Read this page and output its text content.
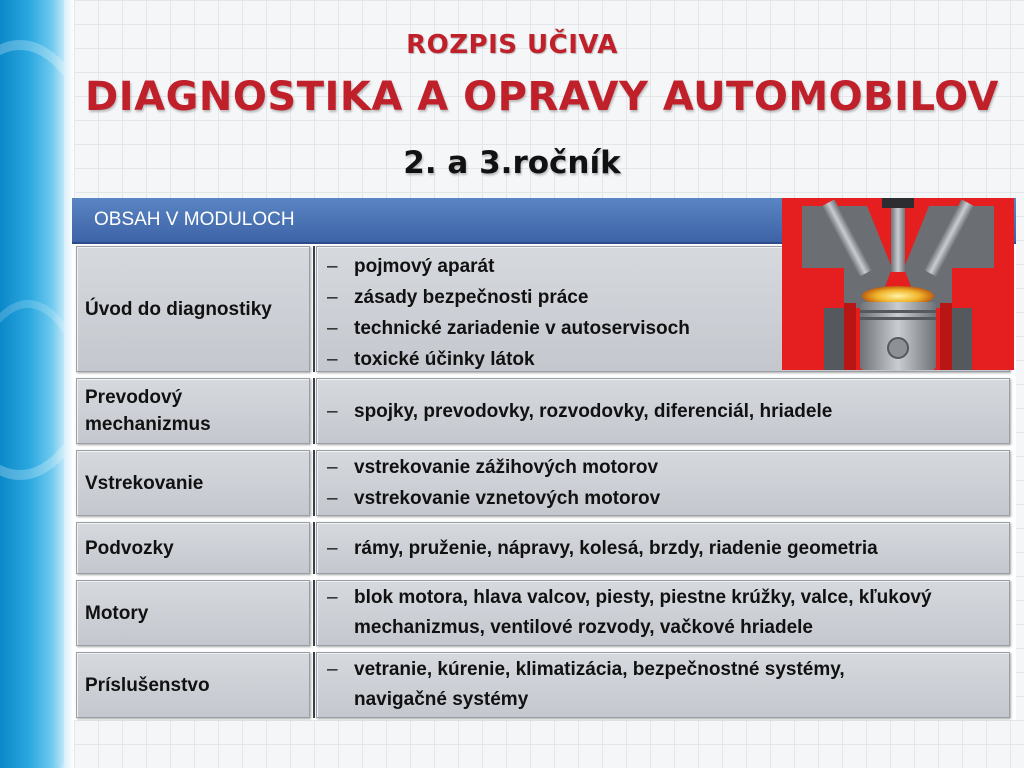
ROZPIS UČIVA
DIAGNOSTIKA A OPRAVY AUTOMOBILOV
2. a 3.ročník
OBSAH V MODULOCH
Úvod do diagnostiky
– pojmový aparát
– zásady bezpečnosti práce
– technické zariadenie v autoservisoch
– toxické účinky látok
Prevodový mechanizmus
– spojky, prevodovky, rozvodovky, diferenciál, hriadele
Vstrekovanie
– vstrekovanie zážihových motorov
– vstrekovanie vznetových motorov
Podvozky
–	rámy, pruženie, nápravy, kolesá, brzdy, riadenie geometria
Motory
– blok motora, hlava valcov, piesty, piestne krúžky, valce, kľukový mechanizmus, ventilové rozvody, vačkové hriadele
Príslušenstvo
– vetranie, kúrenie, klimatizácia, bezpečnostné systémy, navigačné systémy
